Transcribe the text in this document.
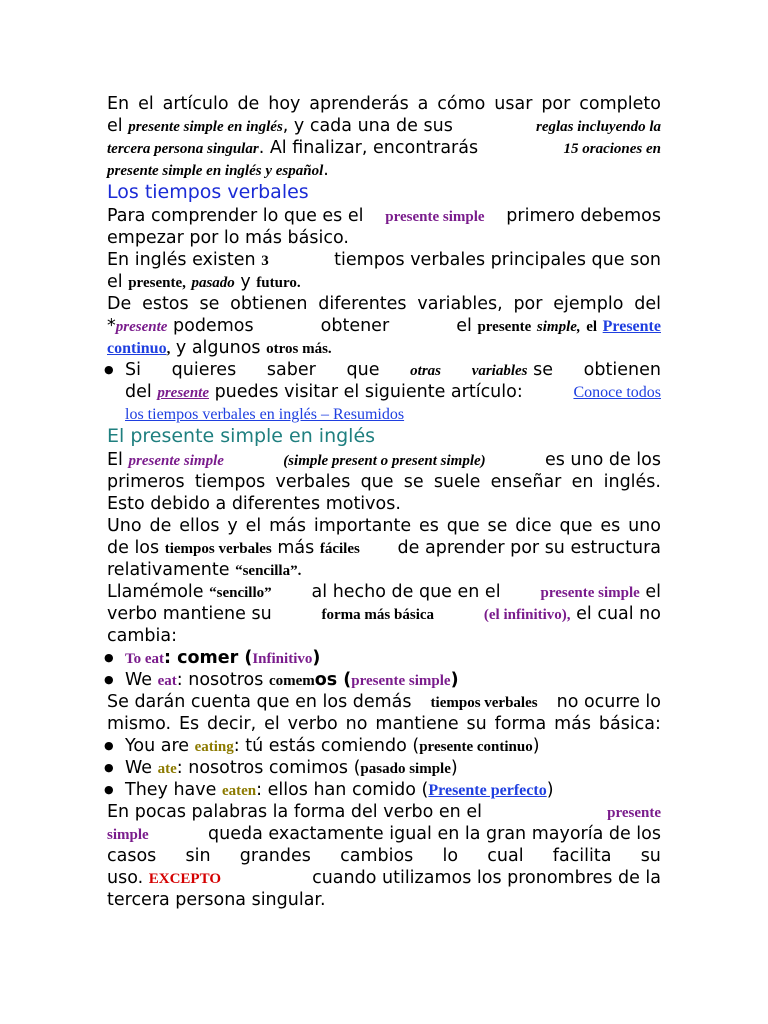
En el artículo de hoy aprenderás a cómo usar por completo
el presente simple en inglés, y cada una de sus	reglas incluyendo la
tercera persona singular. Al finalizar, encontrarás	15 oraciones en
presente simple en inglés y español.
Los tiempos verbales
Para comprender lo que es el presente simple primero debemos
empezar por lo más básico.
En inglés existen 3	tiempos verbales principales que son
el presente, pasado y futuro.
De estos se obtienen diferentes variables, por ejemplo del
*presente podemos	obtener	el presente simple, el Presente
continuo, y algunos otros más.
● Si quieres saber que otras variables se obtienen
del presente puedes visitar el siguiente artículo:	Conoce todos
los tiempos verbales en inglés – Resumidos
El presente simple en inglés
El presente simple	(simple present o present simple)	es uno de los
primeros tiempos verbales que se suele enseñar en inglés.
Esto debido a diferentes motivos.
Uno de ellos y el más importante es que se dice que es uno
de los tiempos verbales más fáciles de aprender por su estructura
relativamente “sencilla”.
Llamémole “sencillo” al hecho de que en el	presente simple el
verbo mantiene su	forma más básica	(el infinitivo), el cual no
cambia:
● To eat: comer (Infinitivo)
● We eat: nosotros comemos (presente simple)
Se darán cuenta que en los demás tiempos verbales no ocurre lo
mismo. Es decir, el verbo no mantiene su forma más básica:
● You are eating: tú estás comiendo (presente continuo)
● We ate: nosotros comimos (pasado simple)
● They have eaten: ellos han comido (Presente perfecto)
En pocas palabras la forma del verbo en el	presente
simple	queda exactamente igual en la gran mayoría de los
casos sin grandes cambios lo cual facilita su
uso. EXCEPTO	cuando utilizamos los pronombres de la
tercera persona singular.
